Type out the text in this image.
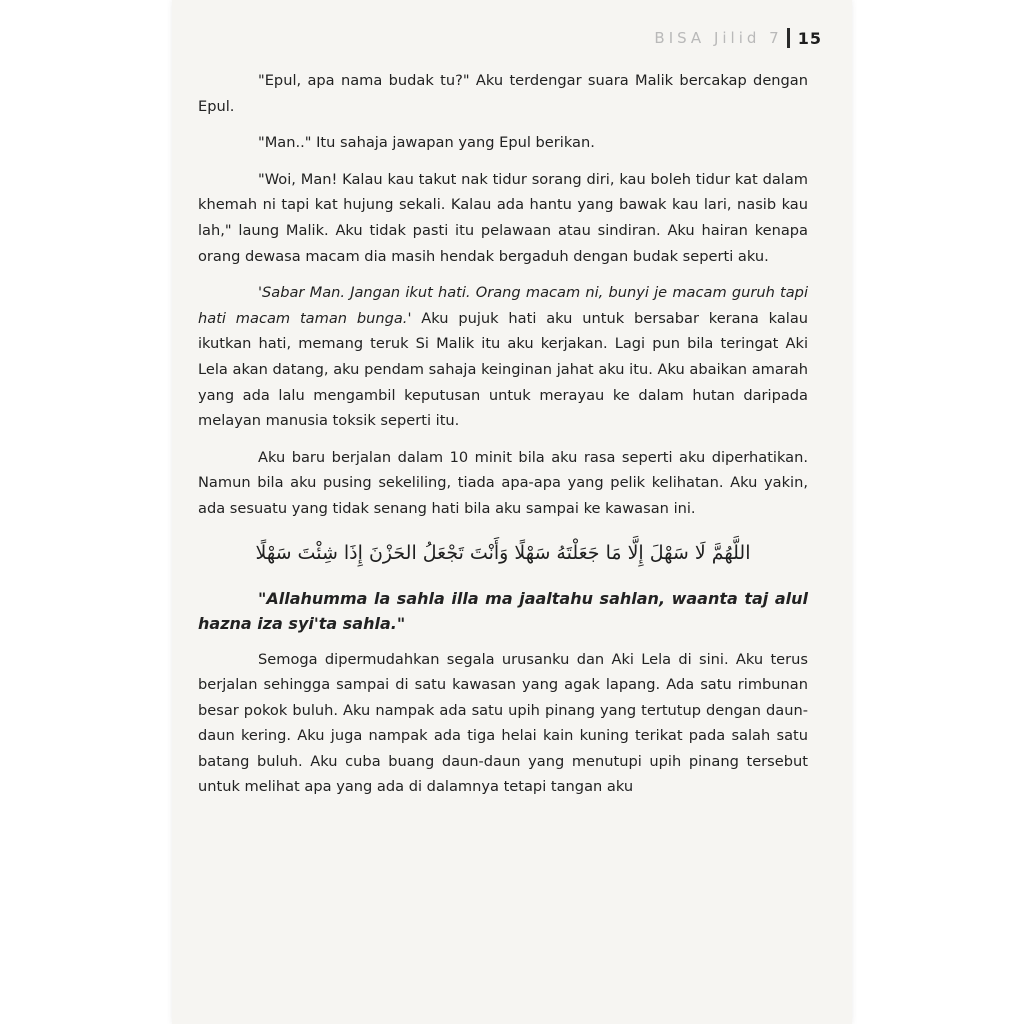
BISA Jilid 7 15

"Epul, apa nama budak tu?" Aku terdengar suara Malik bercakap dengan Epul.

"Man.." Itu sahaja jawapan yang Epul berikan.

"Woi, Man! Kalau kau takut nak tidur sorang diri, kau boleh tidur kat dalam khemah ni tapi kat hujung sekali. Kalau ada hantu yang bawak kau lari, nasib kau lah," laung Malik. Aku tidak pasti itu pelawaan atau sindiran. Aku hairan kenapa orang dewasa macam dia masih hendak bergaduh dengan budak seperti aku.

'Sabar Man. Jangan ikut hati. Orang macam ni, bunyi je macam guruh tapi hati macam taman bunga.' Aku pujuk hati aku untuk bersabar kerana kalau ikutkan hati, memang teruk Si Malik itu aku kerjakan. Lagi pun bila teringat Aki Lela akan datang, aku pendam sahaja keinginan jahat aku itu. Aku abaikan amarah yang ada lalu mengambil keputusan untuk merayau ke dalam hutan daripada melayan manusia toksik seperti itu.

Aku baru berjalan dalam 10 minit bila aku rasa seperti aku diperhatikan. Namun bila aku pusing sekeliling, tiada apa-apa yang pelik kelihatan. Aku yakin, ada sesuatu yang tidak senang hati bila aku sampai ke kawasan ini.

اللَّهُمَّ لَا سَهْلَ إِلَّا مَا جَعَلْتَهُ سَهْلًا وَأَنْتَ تَجْعَلُ الحَزْنَ إِذَا شِئْتَ سَهْلًا

"Allahumma la sahla illa ma jaaltahu sahlan, waanta taj alul hazna iza syi'ta sahla."

Semoga dipermudahkan segala urusanku dan Aki Lela di sini. Aku terus berjalan sehingga sampai di satu kawasan yang agak lapang. Ada satu rimbunan besar pokok buluh. Aku nampak ada satu upih pinang yang tertutup dengan daun-daun kering. Aku juga nampak ada tiga helai kain kuning terikat pada salah satu batang buluh. Aku cuba buang daun-daun yang menutupi upih pinang tersebut untuk melihat apa yang ada di dalamnya tetapi tangan aku
